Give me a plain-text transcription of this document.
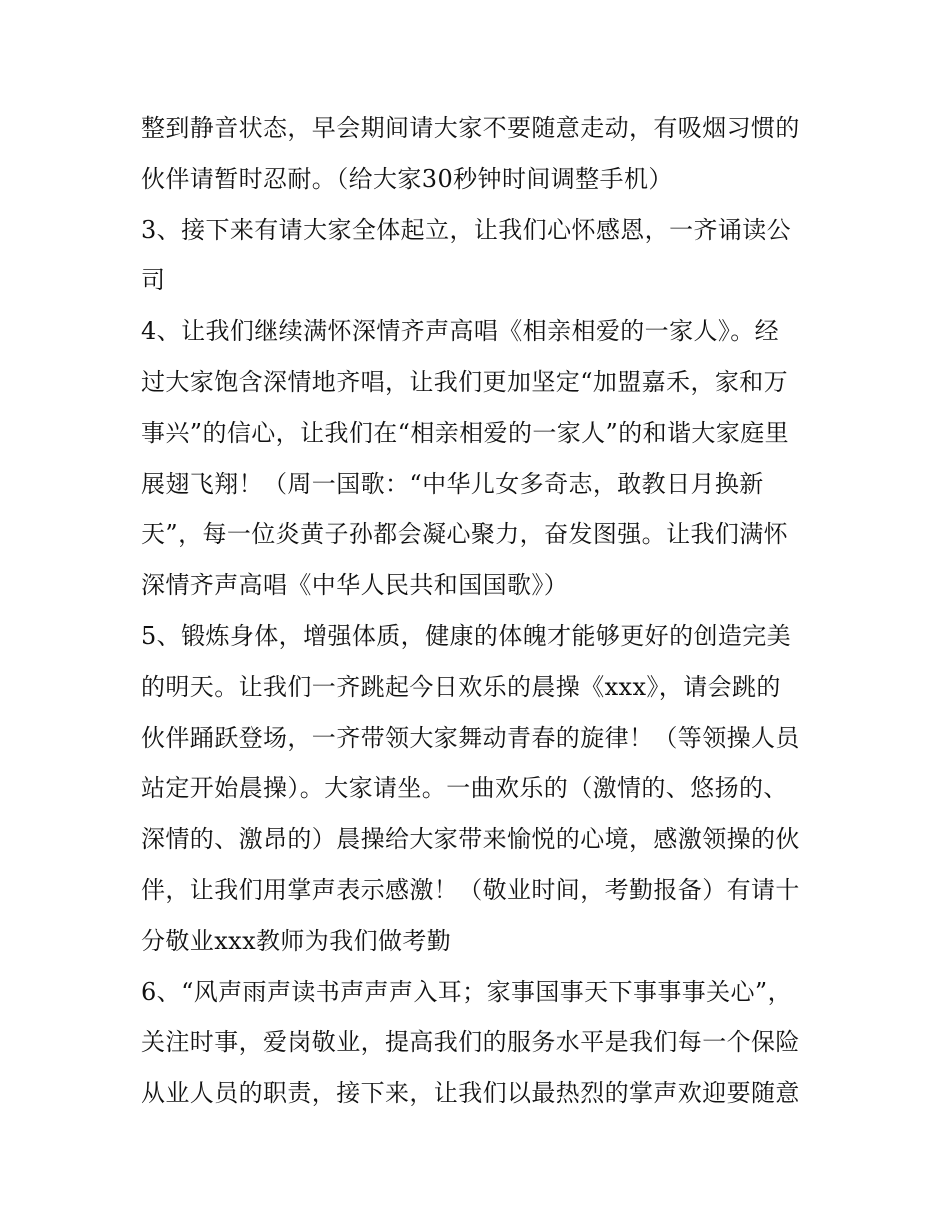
整到静音状态，早会期间请大家不要随意走动，有吸烟习惯的
伙伴请暂时忍耐。（给大家30秒钟时间调整手机）
3、接下来有请大家全体起立，让我们心怀感恩，一齐诵读公
司
4、让我们继续满怀深情齐声高唱《相亲相爱的一家人》。经
过大家饱含深情地齐唱，让我们更加坚定“加盟嘉禾，家和万
事兴”的信心，让我们在“相亲相爱的一家人”的和谐大家庭里
展翅飞翔！（周一国歌：“中华儿女多奇志，敢教日月换新
天”，每一位炎黄子孙都会凝心聚力，奋发图强。让我们满怀
深情齐声高唱《中华人民共和国国歌》）
5、锻炼身体，增强体质，健康的体魄才能够更好的创造完美
的明天。让我们一齐跳起今日欢乐的晨操《xxx》，请会跳的
伙伴踊跃登场，一齐带领大家舞动青春的旋律！（等领操人员
站定开始晨操）。大家请坐。一曲欢乐的（激情的、悠扬的、
深情的、激昂的）晨操给大家带来愉悦的心境，感激领操的伙
伴，让我们用掌声表示感激！（敬业时间，考勤报备）有请十
分敬业xxx教师为我们做考勤
6、“风声雨声读书声声声入耳；家事国事天下事事事关心”，
关注时事，爱岗敬业，提高我们的服务水平是我们每一个保险
从业人员的职责，接下来，让我们以最热烈的掌声欢迎要随意
